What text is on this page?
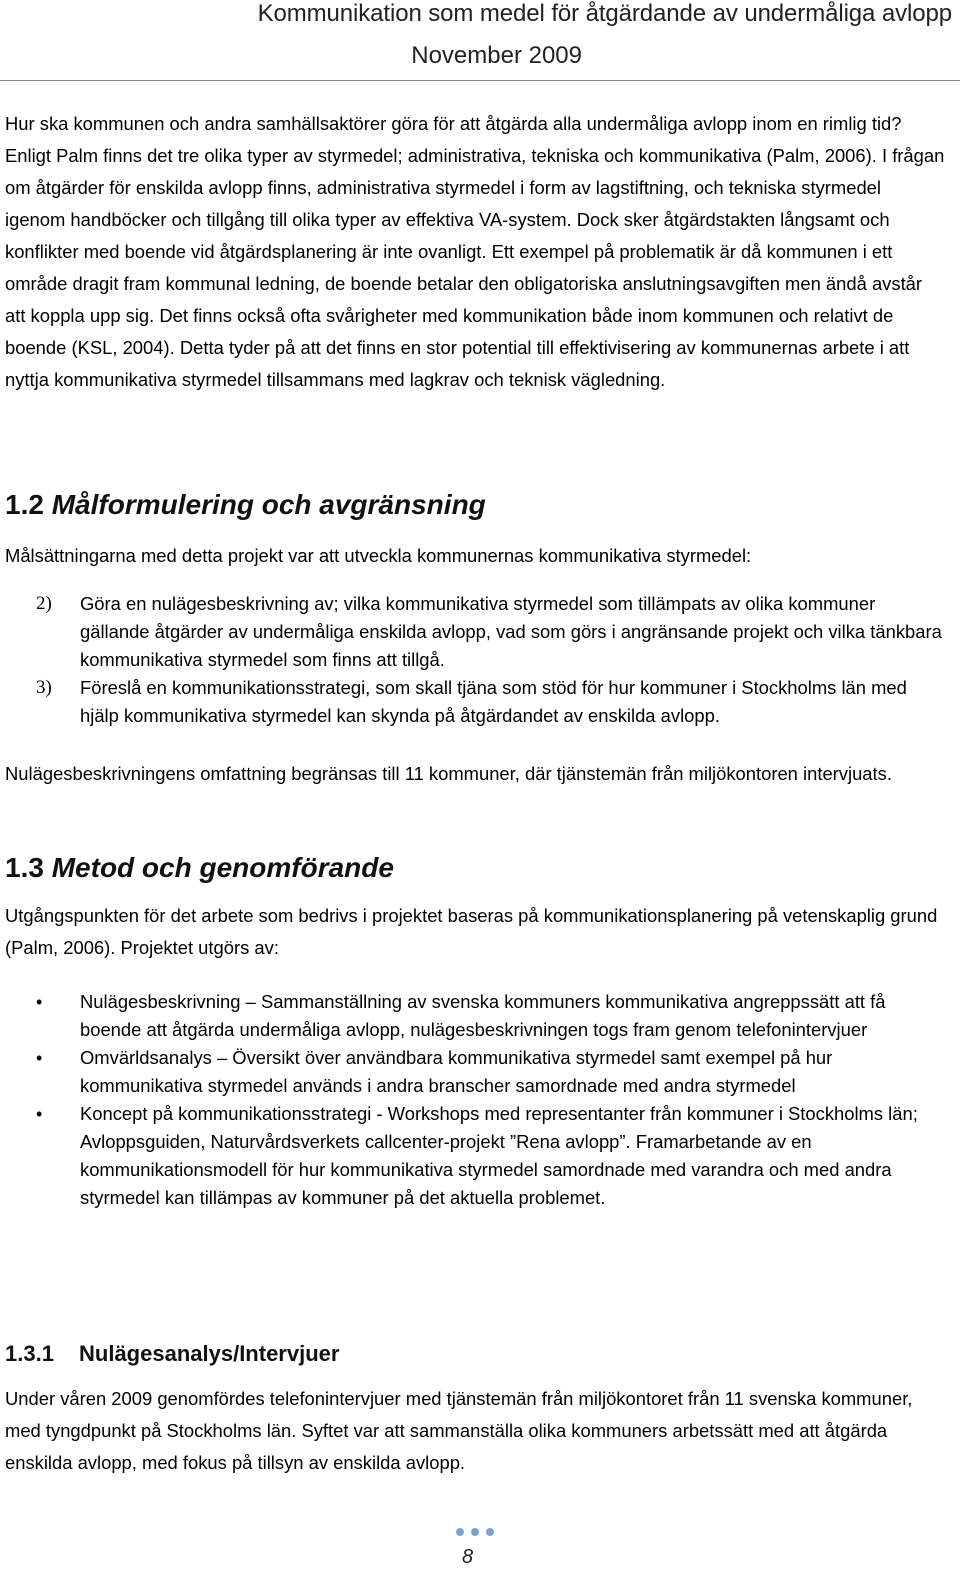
Kommunikation som medel för åtgärdande av undermåliga avlopp
November 2009

Hur ska kommunen och andra samhällsaktörer göra för att åtgärda alla undermåliga avlopp inom en rimlig tid? Enligt Palm finns det tre olika typer av styrmedel; administrativa, tekniska och kommunikativa (Palm, 2006). I frågan om åtgärder för enskilda avlopp finns, administrativa styrmedel i form av lagstiftning, och tekniska styrmedel igenom handböcker och tillgång till olika typer av effektiva VA-system. Dock sker åtgärdstakten långsamt och konflikter med boende vid åtgärdsplanering är inte ovanligt. Ett exempel på problematik är då kommunen i ett område dragit fram kommunal ledning, de boende betalar den obligatoriska anslutningsavgiften men ändå avstår att koppla upp sig. Det finns också ofta svårigheter med kommunikation både inom kommunen och relativt de boende (KSL, 2004). Detta tyder på att det finns en stor potential till effektivisering av kommunernas arbete i att nyttja kommunikativa styrmedel tillsammans med lagkrav och teknisk vägledning.

1.2 Målformulering och avgränsning

Målsättningarna med detta projekt var att utveckla kommunernas kommunikativa styrmedel:

2) Göra en nulägesbeskrivning av; vilka kommunikativa styrmedel som tillämpats av olika kommuner gällande åtgärder av undermåliga enskilda avlopp, vad som görs i angränsande projekt och vilka tänkbara kommunikativa styrmedel som finns att tillgå.
3) Föreslå en kommunikationsstrategi, som skall tjäna som stöd för hur kommuner i Stockholms län med hjälp kommunikativa styrmedel kan skynda på åtgärdandet av enskilda avlopp.

Nulägesbeskrivningens omfattning begränsas till 11 kommuner, där tjänstemän från miljökontoren intervjuats.

1.3 Metod och genomförande

Utgångspunkten för det arbete som bedrivs i projektet baseras på kommunikationsplanering på vetenskaplig grund (Palm, 2006). Projektet utgörs av:

• Nulägesbeskrivning – Sammanställning av svenska kommuners kommunikativa angreppssätt att få boende att åtgärda undermåliga avlopp, nulägesbeskrivningen togs fram genom telefonintervjuer
• Omvärldsanalys – Översikt över användbara kommunikativa styrmedel samt exempel på hur kommunikativa styrmedel används i andra branscher samordnade med andra styrmedel
• Koncept på kommunikationsstrategi - Workshops med representanter från kommuner i Stockholms län; Avloppsguiden, Naturvårdsverkets callcenter-projekt ”Rena avlopp”. Framarbetande av en kommunikationsmodell för hur kommunikativa styrmedel samordnade med varandra och med andra styrmedel kan tillämpas av kommuner på det aktuella problemet.
1.3.1 Nulägesanalys/Intervjuer

Under våren 2009 genomfördes telefonintervjuer med tjänstemän från miljökontoret från 11 svenska kommuner, med tyngdpunkt på Stockholms län. Syftet var att sammanställa olika kommuners arbetssätt med att åtgärda enskilda avlopp, med fokus på tillsyn av enskilda avlopp.

8
